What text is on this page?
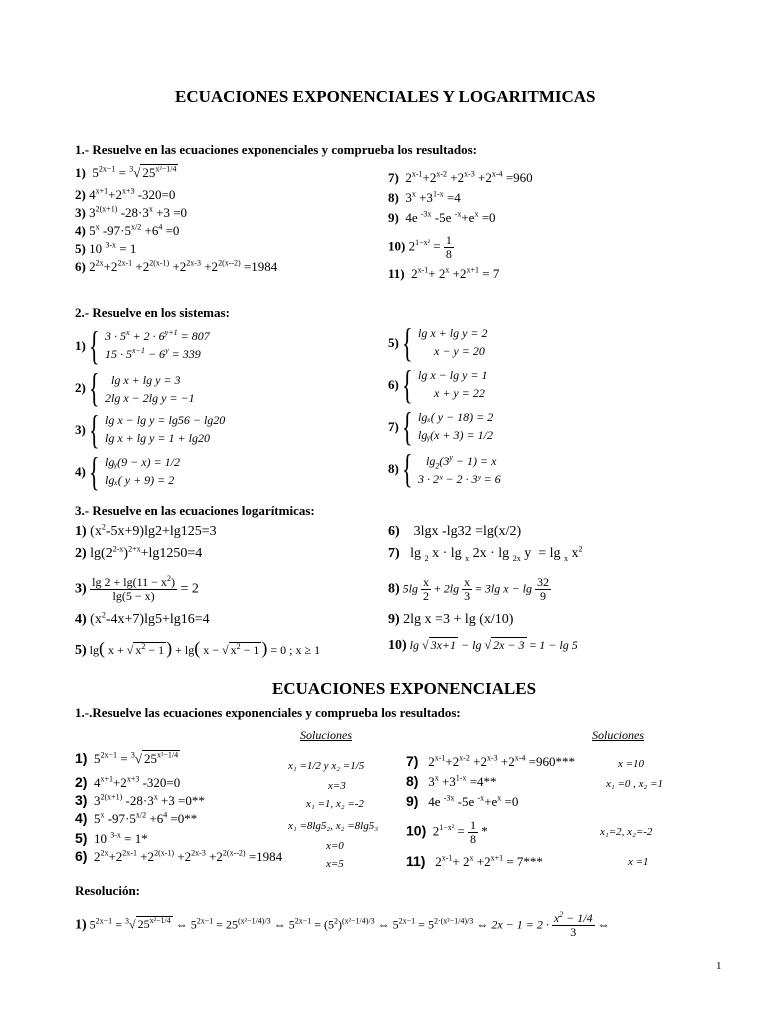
ECUACIONES EXPONENCIALES Y LOGARITMICAS
1.- Resuelve en las ecuaciones exponenciales y comprueba los resultados:
1)  $5^{2x-1} = ^3√$ $25^{x^2-1/4}$
2) $4^{x+1}+2^{x+3}$ -320=0
3) $3^{2(x+1)}$ $-28\cdot 3^x +3 =0$
4) 5$^x$ $-97\cdot 5^{x/2} +6^4 =0$
5) 10 $^{3-x}$ = 1
6) $2^{2x}+2^{2x-1} +2^{2(x-1)} +2^{2x-3} +2^{2(x--2)} =1984$
7)  $2^{x-1}+2^{x-2} +2^{x-3} +2^{x-4} =960$
8)  $3^x +3^{1-x} =4$
9)  4e $^{-3x}$ -5e $^{-x}+e^x =0$
10) $2^{1-x^2} = \frac{1}{8}$
11)  $2^{x-1}+ 2^x +2^{x+1} = 7$
2.- Resuelve en los sistemas:
1) { $3 \cdot 5^x + 2 \cdot 6^{y+1} = 807$
$15 \cdot 5^{x-1} - 6^y = 339$
2) { lg x + lg y = 3
2lg x − 2lg y = −1
3) { lg x − lg y = lg56 − lg20
lg x + lg y = 1 + lg20
4) { lgᵧ(9 − x) = 1/2
lgₓ( y + 9) = 2
5) { lg x + lg y = 2
x − y = 20
6) { lg x − lg y = 1
x + y = 22
7) { lgₓ( y − 18) = 2
lgᵧ(x + 3) = 1/2
8) { $\lg_2(3^y - 1) = x$
3 · 2ˣ − 2 · 3ʸ = 6
3.- Resuelve en las ecuaciones logarítmicas:
1) $(x^2-5x+9)\lg 2+\lg 125=3$
2) $\lg(2^{2-x})^{2+x}+\lg 1250=4$
$3) \frac{\lg 2 + \lg(11 - x^2)}{\lg(5 - x)} = 2$
4) $(x^2-4x+7)\lg 5+\lg 16=4$
5) lg( x + √ $x^2 - 1$ ) + lg( x − √ $x^2 - 1$ ) = 0 ; x ≥ 1
6)    3lgx -lg32 =lg(x/2)
7)   lg $_2$ x · lg $_x$ 2x · lg $_{2x}$ y  = lg $_x$ $x^2$
8) $5\lg \frac{x}{2} + 2\lg \frac{x}{3} = 3\lg$ $x - \lg \frac{32}{9}$
9) 2lg x =3 + lg (x/10)
10) lg √ 3x+1 − lg √ 2x − 3 = 1 − lg 5
ECUACIONES EXPONENCIALES
1.-.Resuelve las ecuaciones exponenciales y comprueba los resultados:
Soluciones	Soluciones
1)  $5^{2x-1} = ^3√$ $25^{x^2-1/4}$
2)  $4^{x+1}+2^{x+3}$ -320=0
3)  $3^{2(x+1)}$ $-28\cdot 3^x +3 =0**$
4)  5$^x$ $-97\cdot 5^{x/2} +6^4 =0**$
5)  10 $^{3-x}$ = 1*
6)  $2^{2x}+2^{2x-1} +2^{2(x-1)} +2^{2x-3} +2^{2(x--2)} =1984$
x₁ =1/2 y x₂ =1/5
x=3
x₁ =1, x₂ =-2
x₁ =8lg5₂, x₂ =8lg5₃
x=0
x=5
7)   $2^{x-1}+2^{x-2} +2^{x-3} +2^{x-4} =960***$
8)   $3^x +3^{1-x} =4**$
9)   4e $^{-3x}$ -5e $^{-x}+e^x =0$
10)  $2^{1-x^2} = \frac{1}{8}$ *
11)   $2^{x-1}+ 2^x +2^{x+1} = 7***$
x =10
x₁ =0 , x₂ =1
x₁=2, x₂=-2
x =1
Resolución:
1) $5^{2x-1} = ^3√$ $25^{x^2-1/4}$ ⇔ $5^{2x-1} = 25^{(x^2-1/4)/3}$ ⇔ $5^{2x-1} = (5^2)^{(x^2-1/4)/3}$ ⇔ $5^{2x-1} = 5^{2\cdot(x^2-1/4)/3}$ ⇔ $2x - 1 = 2 \cdot \frac{x^2 - 1/4}{3}$ ⇔
1
